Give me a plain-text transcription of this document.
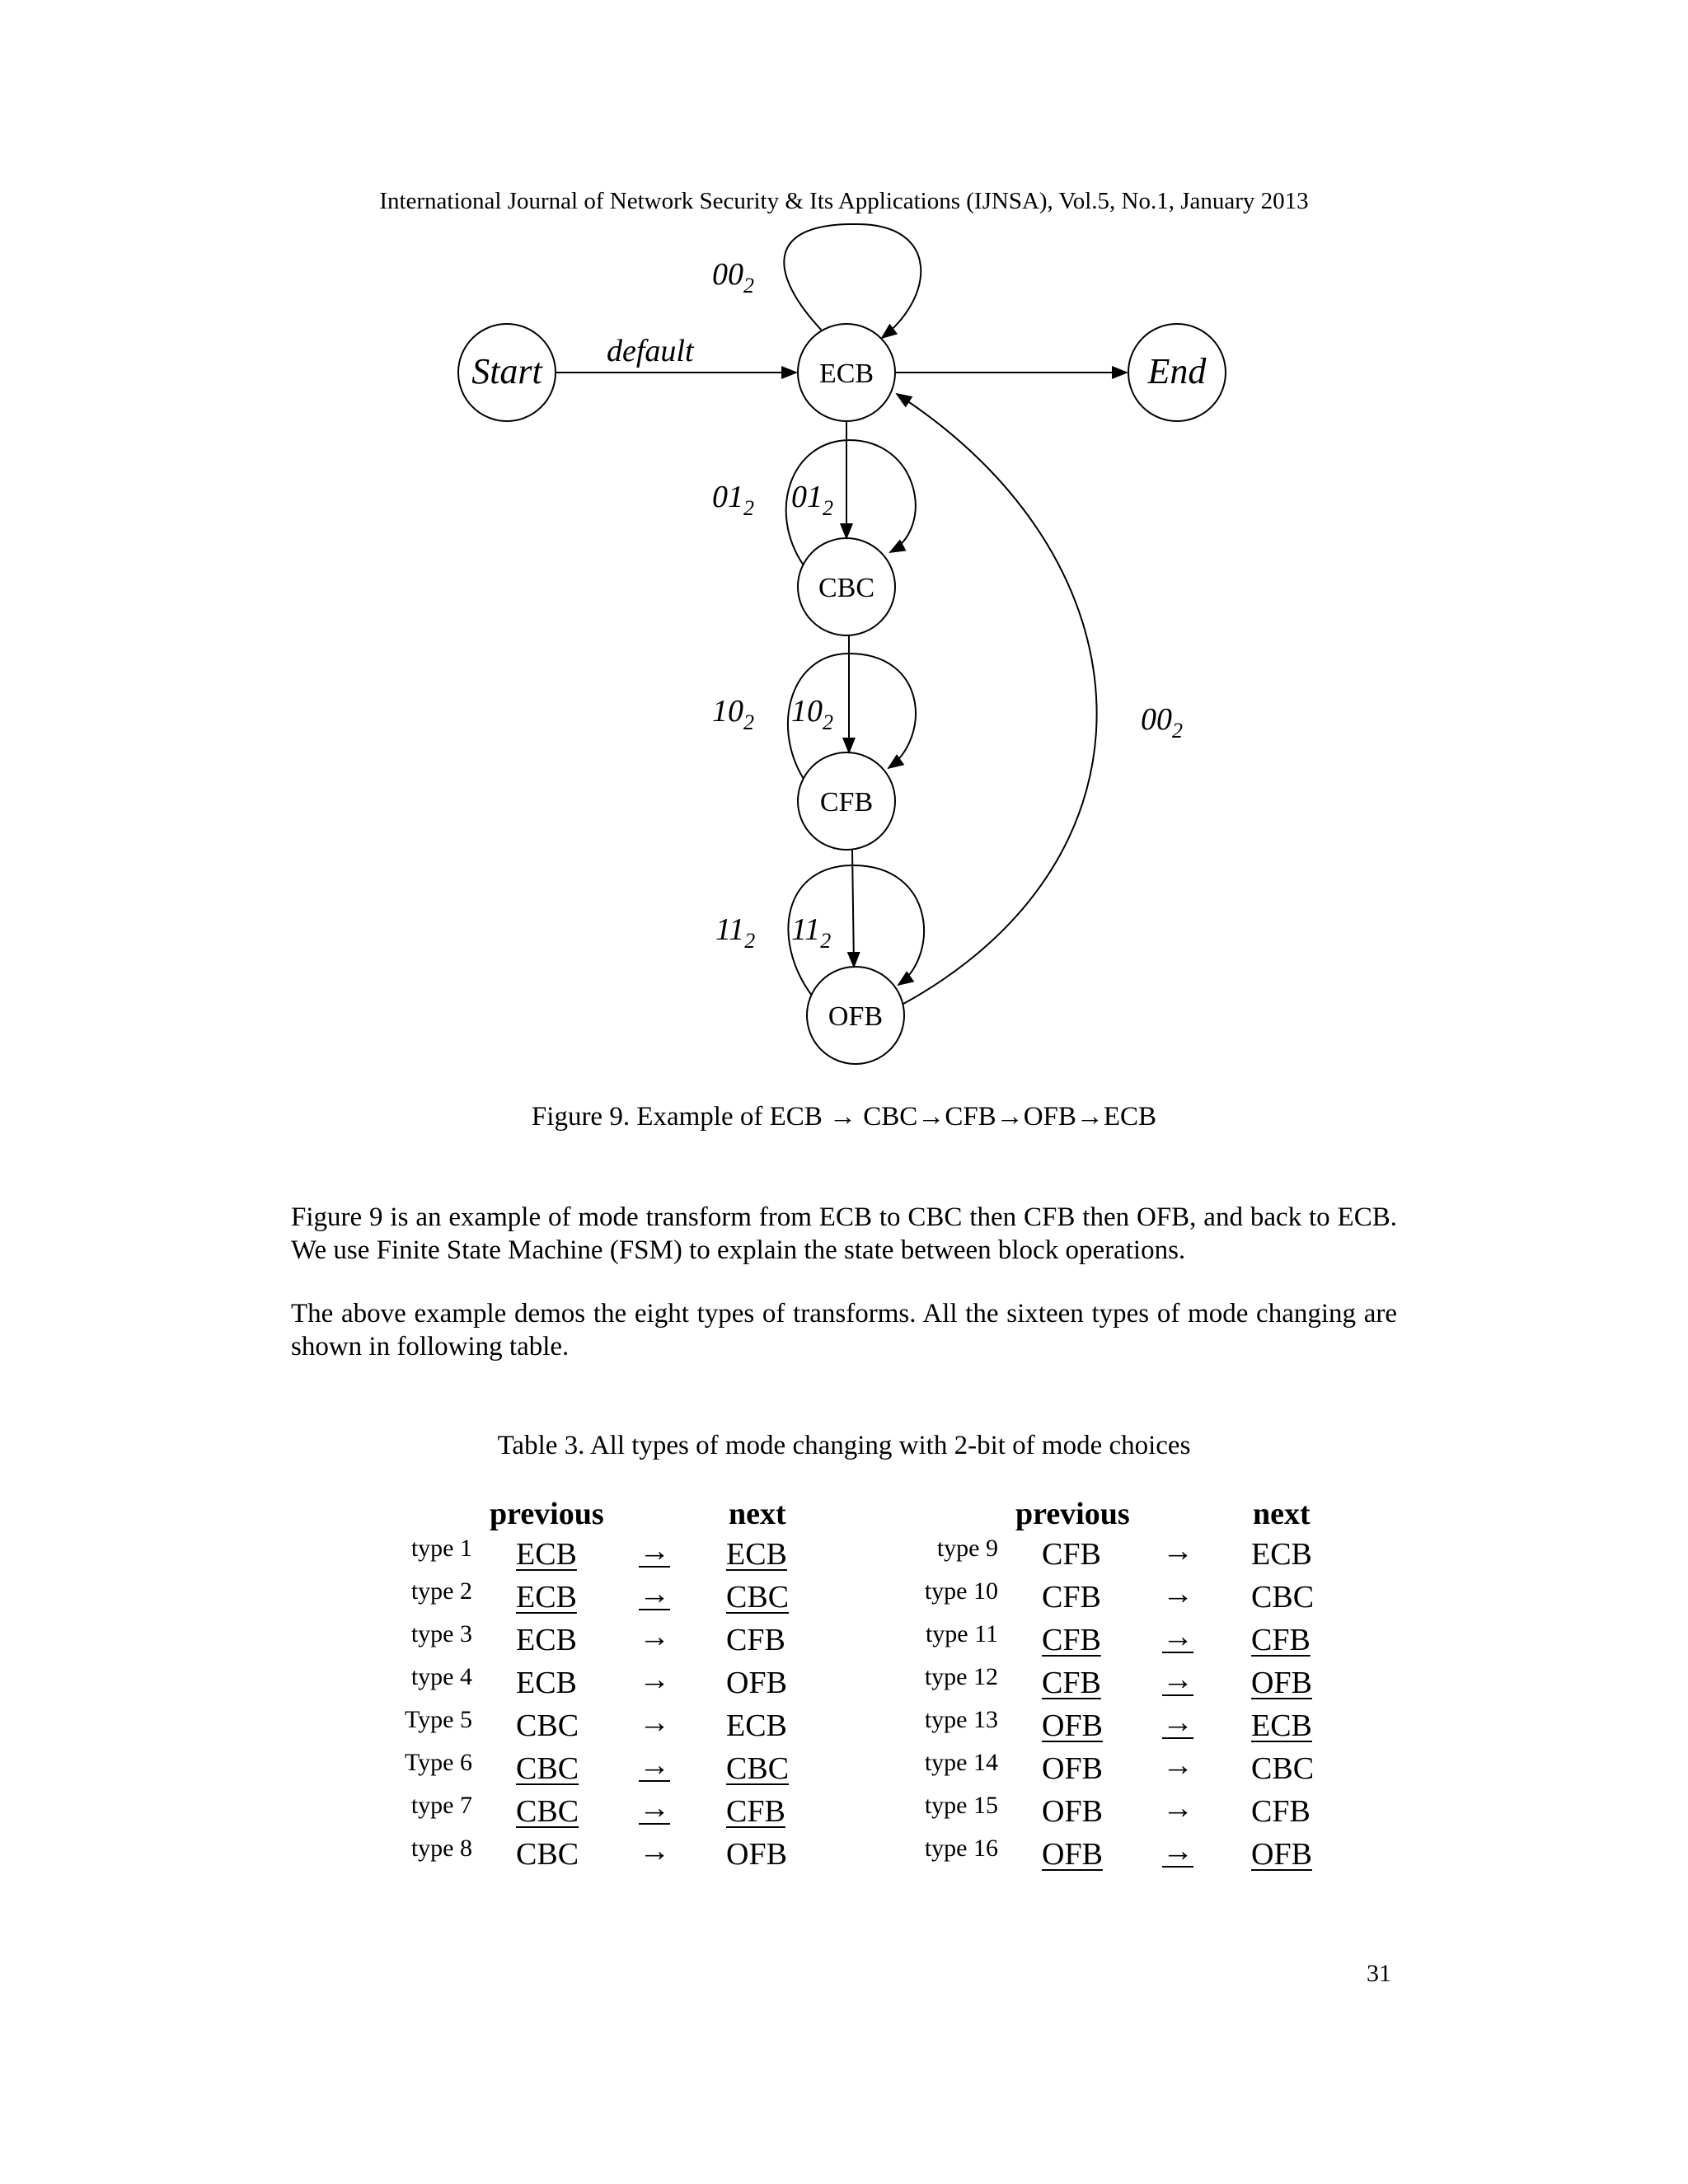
International Journal of Network Security & Its Applications (IJNSA), Vol.5, No.1, January 2013
Start	ECB	End
CBC
CFB
OFB
default
$00_2$
$01_2$ $01_2$
$10_2$ $10_2$
$11_2$ $11_2$
$00_2$
Figure 9. Example of ECB → CBC→CFB→OFB→ECB
Figure 9 is an example of mode transform from ECB to CBC then CFB then OFB, and back to ECB. We use Finite State Machine (FSM) to explain the state between block operations.
The above example demos the eight types of transforms. All the sixteen types of mode changing are shown in following table.
Table 3. All types of mode changing with 2-bit of mode choices
previous	next	previous	next
type 1 ECB → ECB
type 2 ECB → CBC
type 3 ECB → CFB
type 4 ECB → OFB
Type 5 CBC → ECB
Type 6 CBC → CBC
type 7 CBC → CFB
type 8 CBC → OFB
type 9 CFB → ECB
type 10 CFB → CBC
type 11 CFB → CFB
type 12 CFB → OFB
type 13 OFB → ECB
type 14 OFB → CBC
type 15 OFB → CFB
type 16 OFB → OFB
31
